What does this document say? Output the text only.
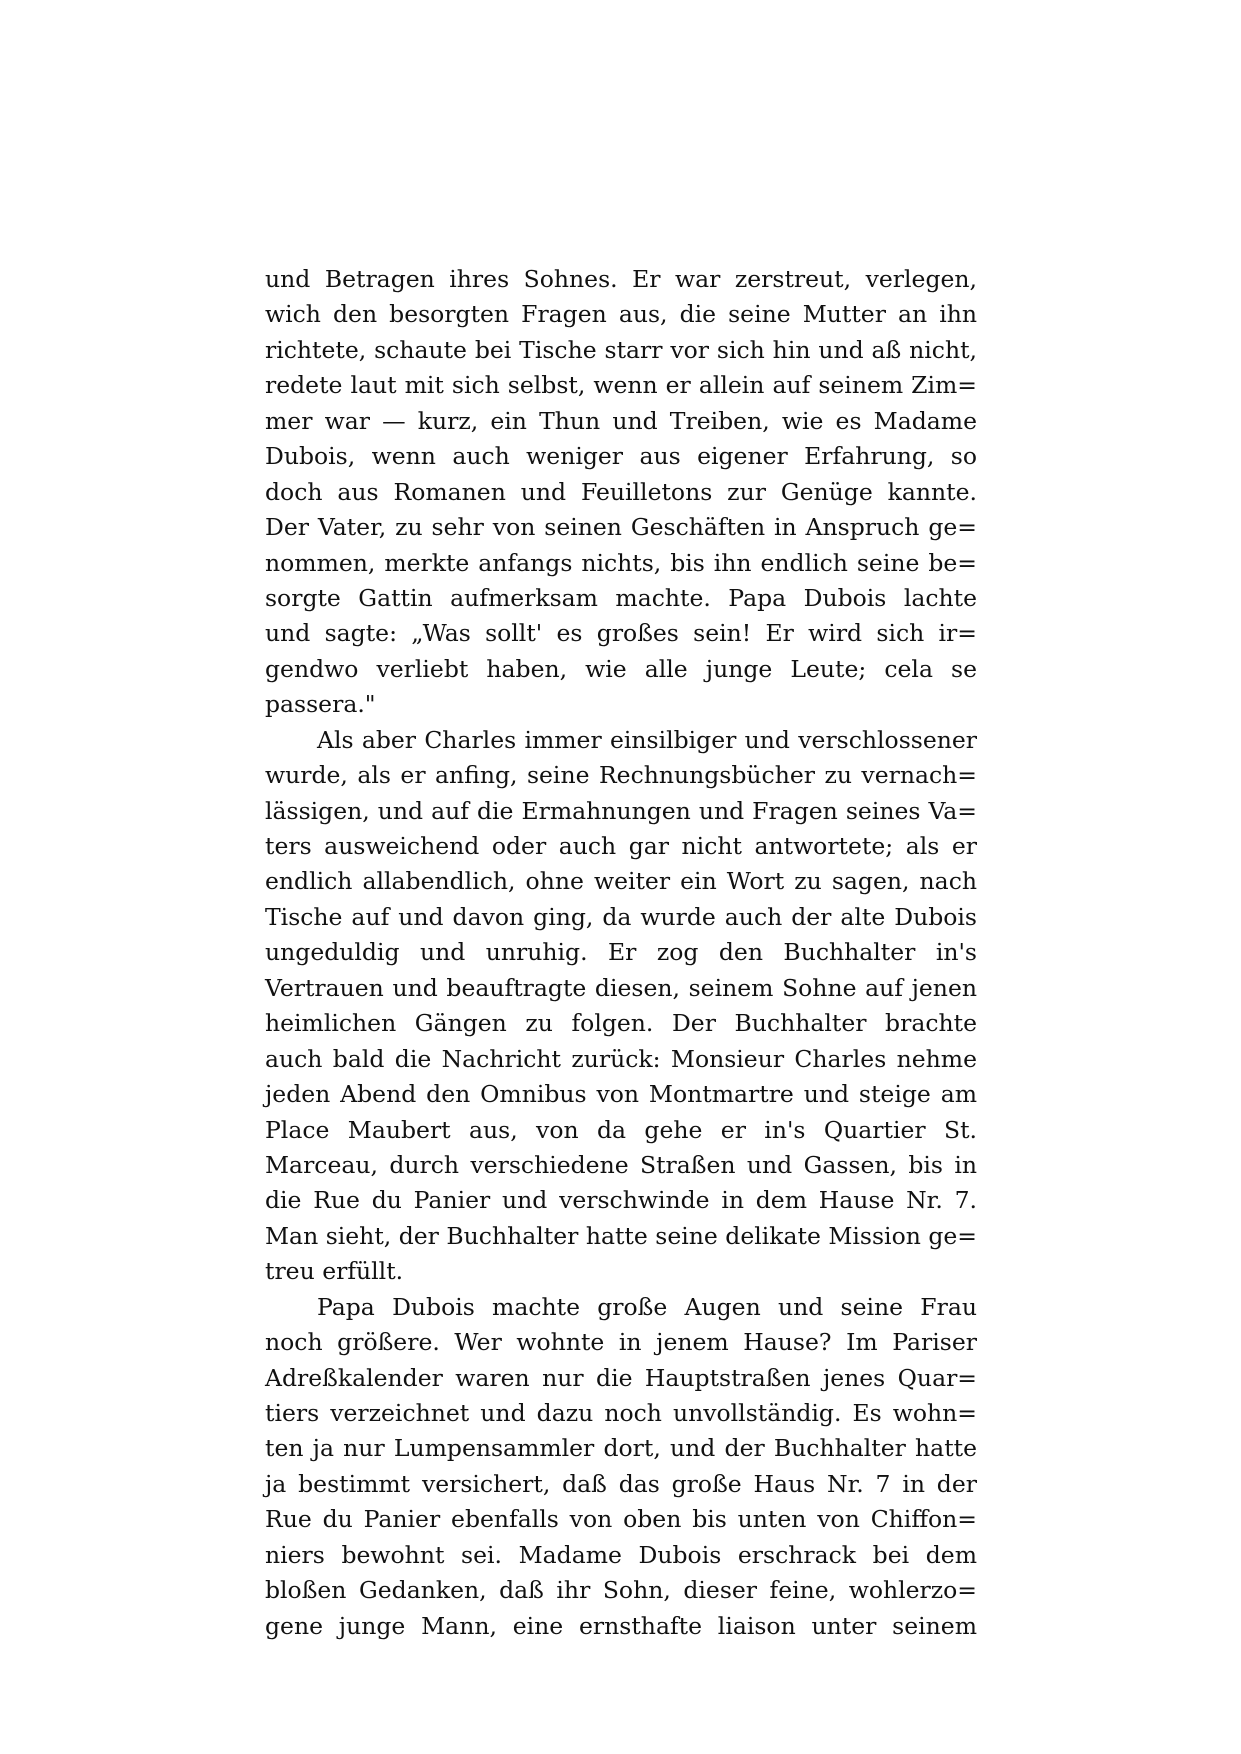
und Betragen ihres Sohnes. Er war zerstreut, verlegen,
wich den besorgten Fragen aus, die seine Mutter an ihn
richtete, schaute bei Tische starr vor sich hin und aß nicht,
redete laut mit sich selbst, wenn er allein auf seinem Zim=
mer war — kurz, ein Thun und Treiben, wie es Madame
Dubois, wenn auch weniger aus eigener Erfahrung, so
doch aus Romanen und Feuilletons zur Genüge kannte.
Der Vater, zu sehr von seinen Geschäften in Anspruch ge=
nommen, merkte anfangs nichts, bis ihn endlich seine be=
sorgte Gattin aufmerksam machte. Papa Dubois lachte
und sagte: „Was sollt' es großes sein! Er wird sich ir=
gendwo verliebt haben, wie alle junge Leute; cela se
passera."
Als aber Charles immer einsilbiger und verschlossener
wurde, als er anfing, seine Rechnungsbücher zu vernach=
lässigen, und auf die Ermahnungen und Fragen seines Va=
ters ausweichend oder auch gar nicht antwortete; als er
endlich allabendlich, ohne weiter ein Wort zu sagen, nach
Tische auf und davon ging, da wurde auch der alte Dubois
ungeduldig und unruhig. Er zog den Buchhalter in's
Vertrauen und beauftragte diesen, seinem Sohne auf jenen
heimlichen Gängen zu folgen. Der Buchhalter brachte
auch bald die Nachricht zurück: Monsieur Charles nehme
jeden Abend den Omnibus von Montmartre und steige am
Place Maubert aus, von da gehe er in's Quartier St.
Marceau, durch verschiedene Straßen und Gassen, bis in
die Rue du Panier und verschwinde in dem Hause Nr. 7.
Man sieht, der Buchhalter hatte seine delikate Mission ge=
treu erfüllt.
Papa Dubois machte große Augen und seine Frau
noch größere. Wer wohnte in jenem Hause? Im Pariser
Adreßkalender waren nur die Hauptstraßen jenes Quar=
tiers verzeichnet und dazu noch unvollständig. Es wohn=
ten ja nur Lumpensammler dort, und der Buchhalter hatte
ja bestimmt versichert, daß das große Haus Nr. 7 in der
Rue du Panier ebenfalls von oben bis unten von Chiffon=
niers bewohnt sei. Madame Dubois erschrack bei dem
bloßen Gedanken, daß ihr Sohn, dieser feine, wohlerzo=
gene junge Mann, eine ernsthafte liaison unter seinem
